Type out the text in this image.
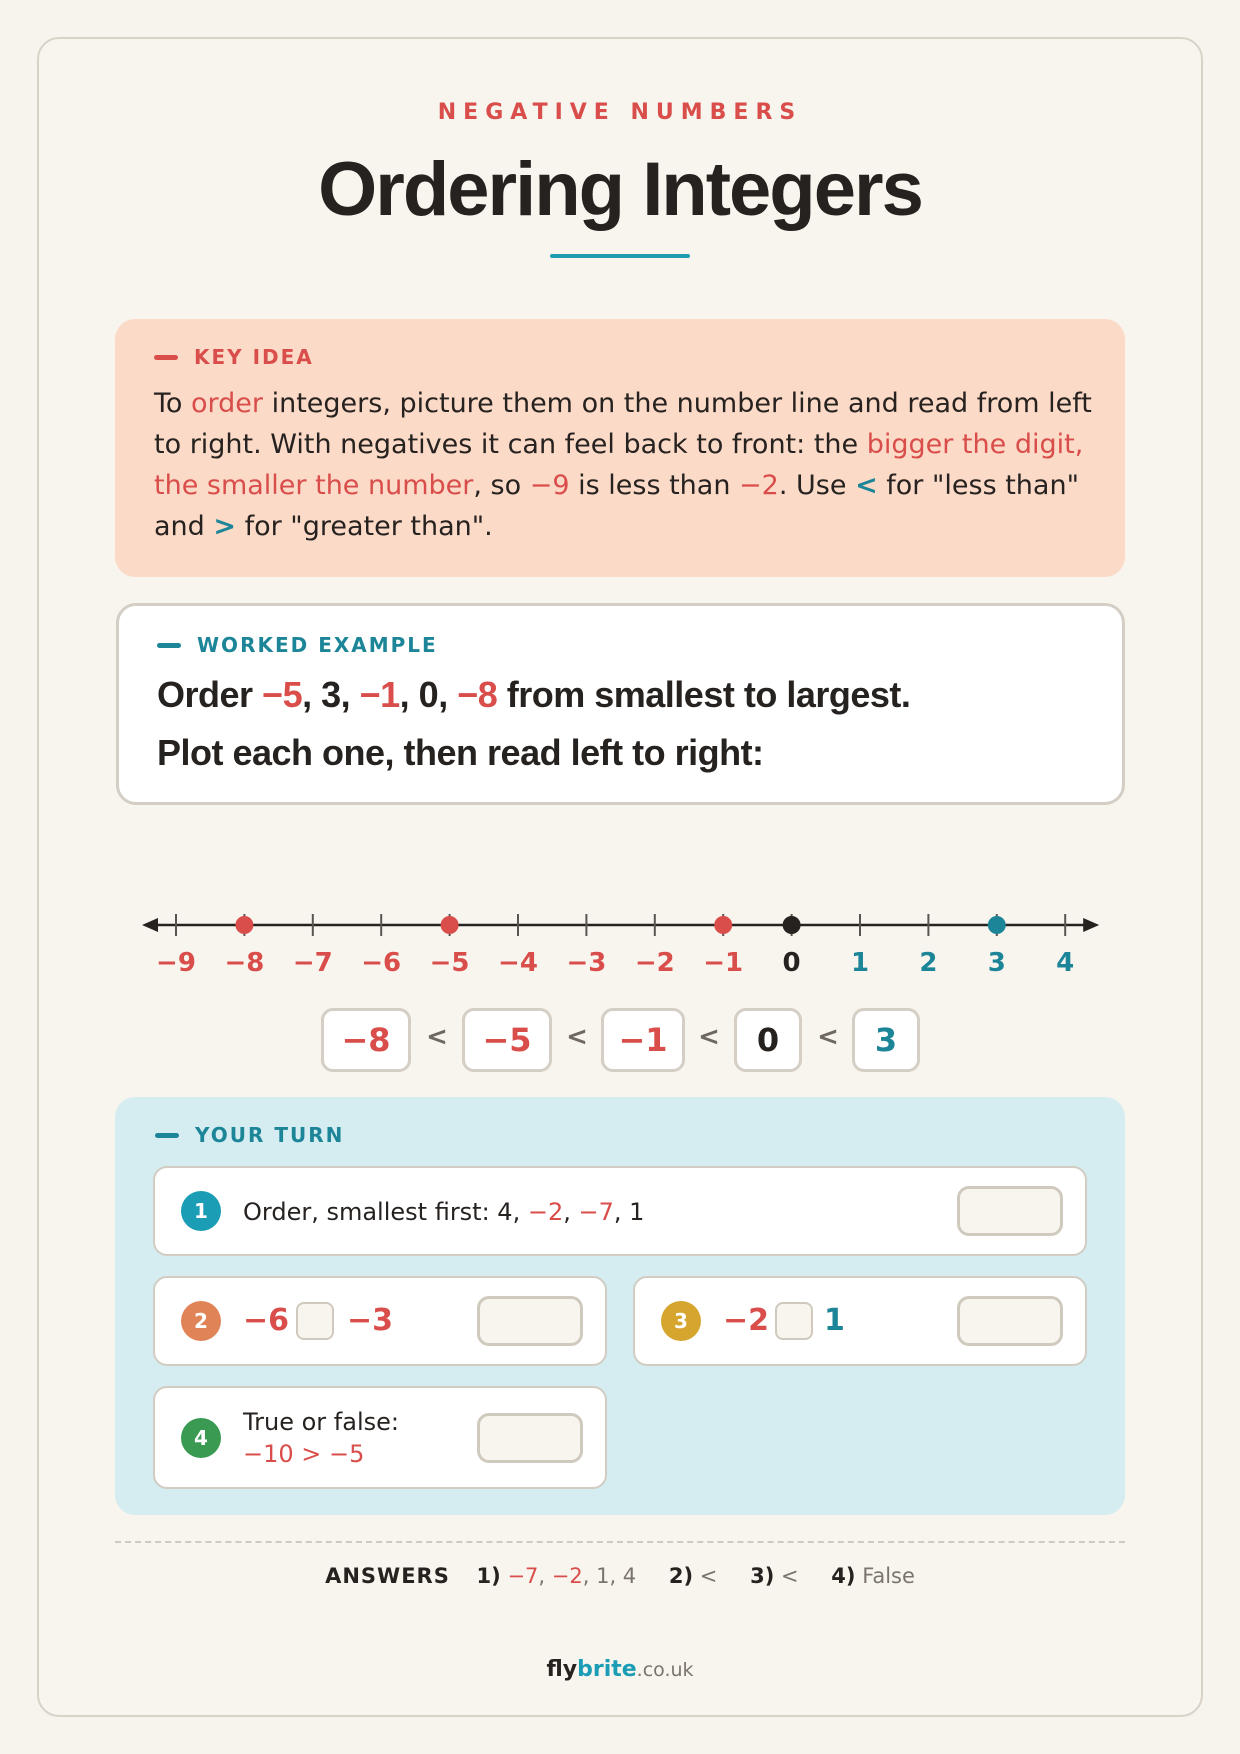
NEGATIVE NUMBERS
Ordering Integers
KEY IDEA
To order integers, picture them on the number line and read from left to right. With negatives it can feel back to front: the bigger the digit, the smaller the number, so −9 is less than −2. Use < for "less than" and > for "greater than".
WORKED EXAMPLE
Order −5, 3, −1, 0, −8 from smallest to largest.
Plot each one, then read left to right:
−9 −8 −7 −6 −5 −4 −3 −2 −1 0 1 2 3 4
−8	<	−5	< −1	<	0	<	3
YOUR TURN
1	Order, smallest first: 4, −2, −7, 1
2	−6 −3	3	−2 1
4
True or false:
−10 > −5
ANSWERS 1) −7, −2, 1, 4 2) < 3) < 4) False
flybrite.co.uk
